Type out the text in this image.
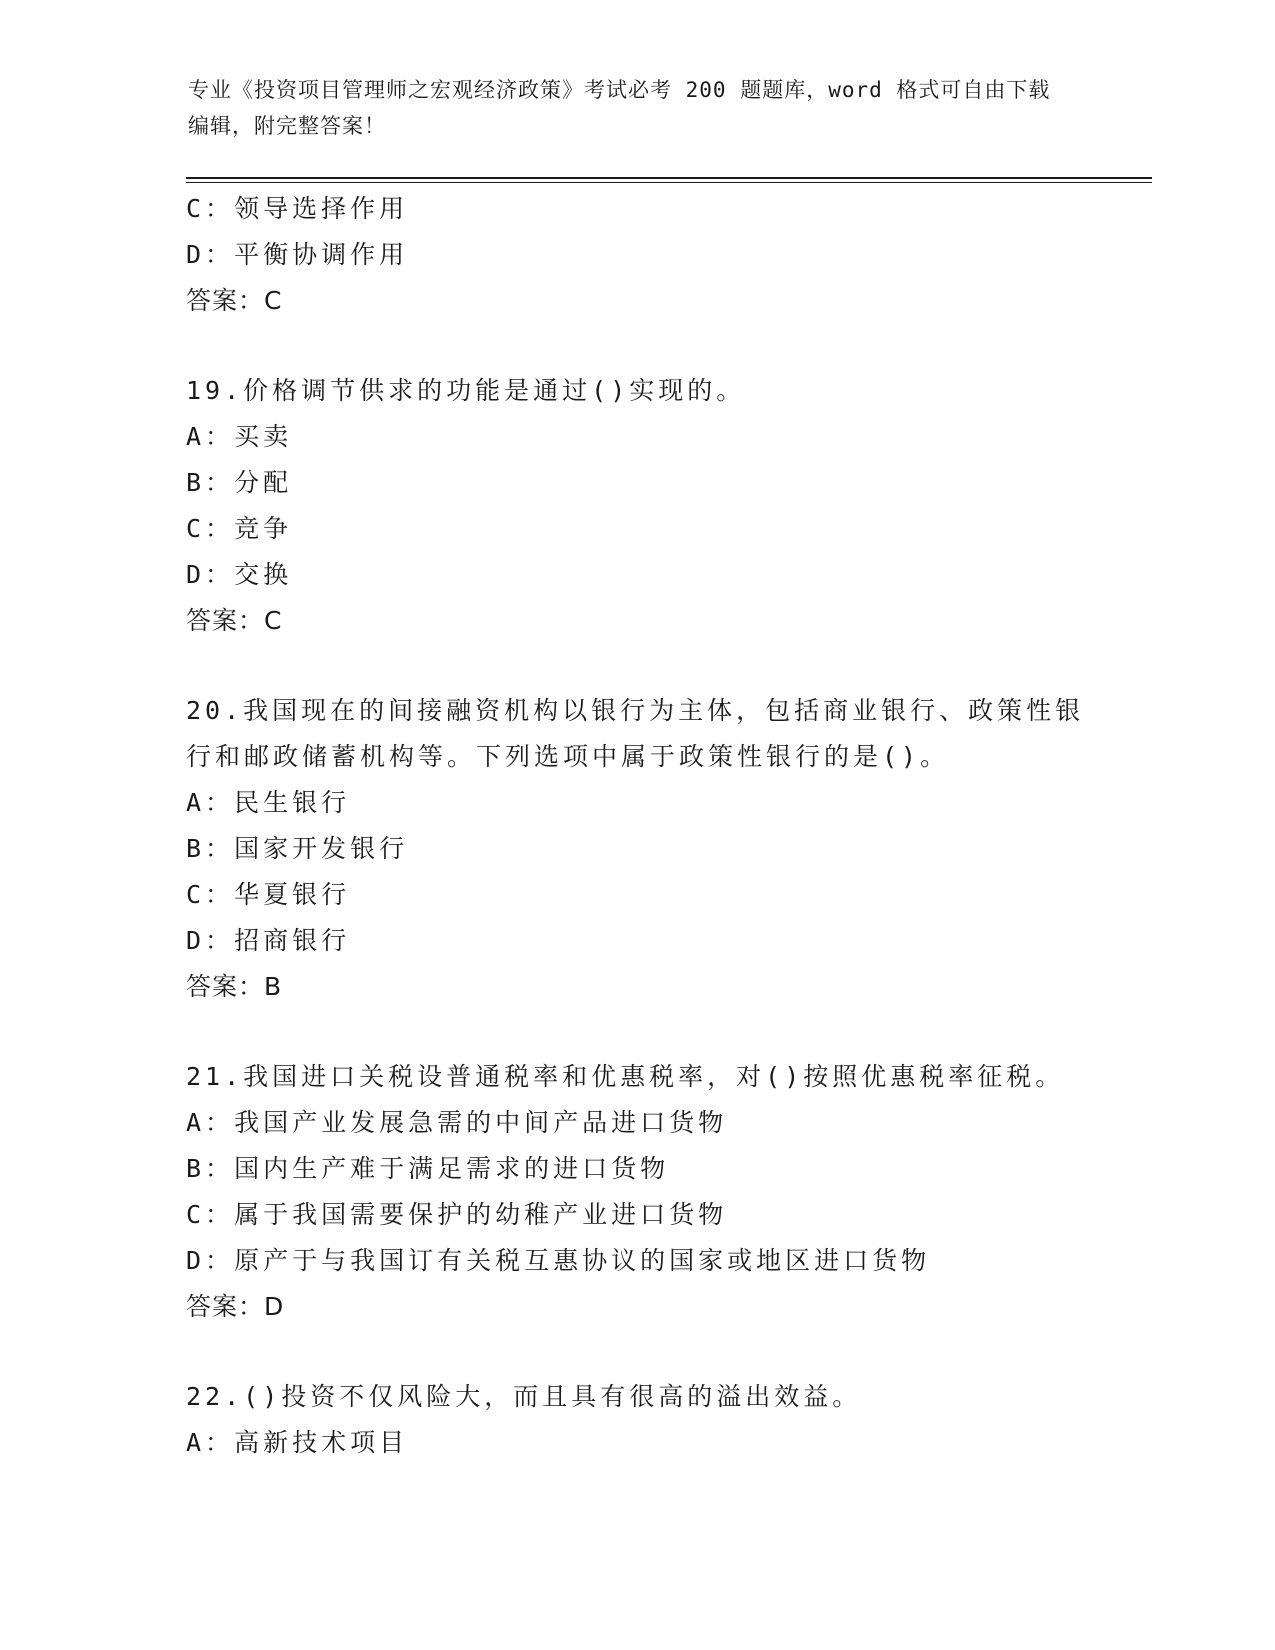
专业《投资项目管理师之宏观经济政策》考试必考 200 题题库，word 格式可自由下载编辑，附完整答案！
C：领导选择作用
D：平衡协调作用
答案：C
19.价格调节供求的功能是通过()实现的。
A：买卖
B：分配
C：竞争
D：交换
答案：C
20.我国现在的间接融资机构以银行为主体，包括商业银行、政策性银
行和邮政储蓄机构等。下列选项中属于政策性银行的是()。
A：民生银行
B：国家开发银行
C：华夏银行
D：招商银行
答案：B
21.我国进口关税设普通税率和优惠税率，对()按照优惠税率征税。
A：我国产业发展急需的中间产品进口货物
B：国内生产难于满足需求的进口货物
C：属于我国需要保护的幼稚产业进口货物
D：原产于与我国订有关税互惠协议的国家或地区进口货物
答案：D
22.()投资不仅风险大，而且具有很高的溢出效益。
A：高新技术项目
